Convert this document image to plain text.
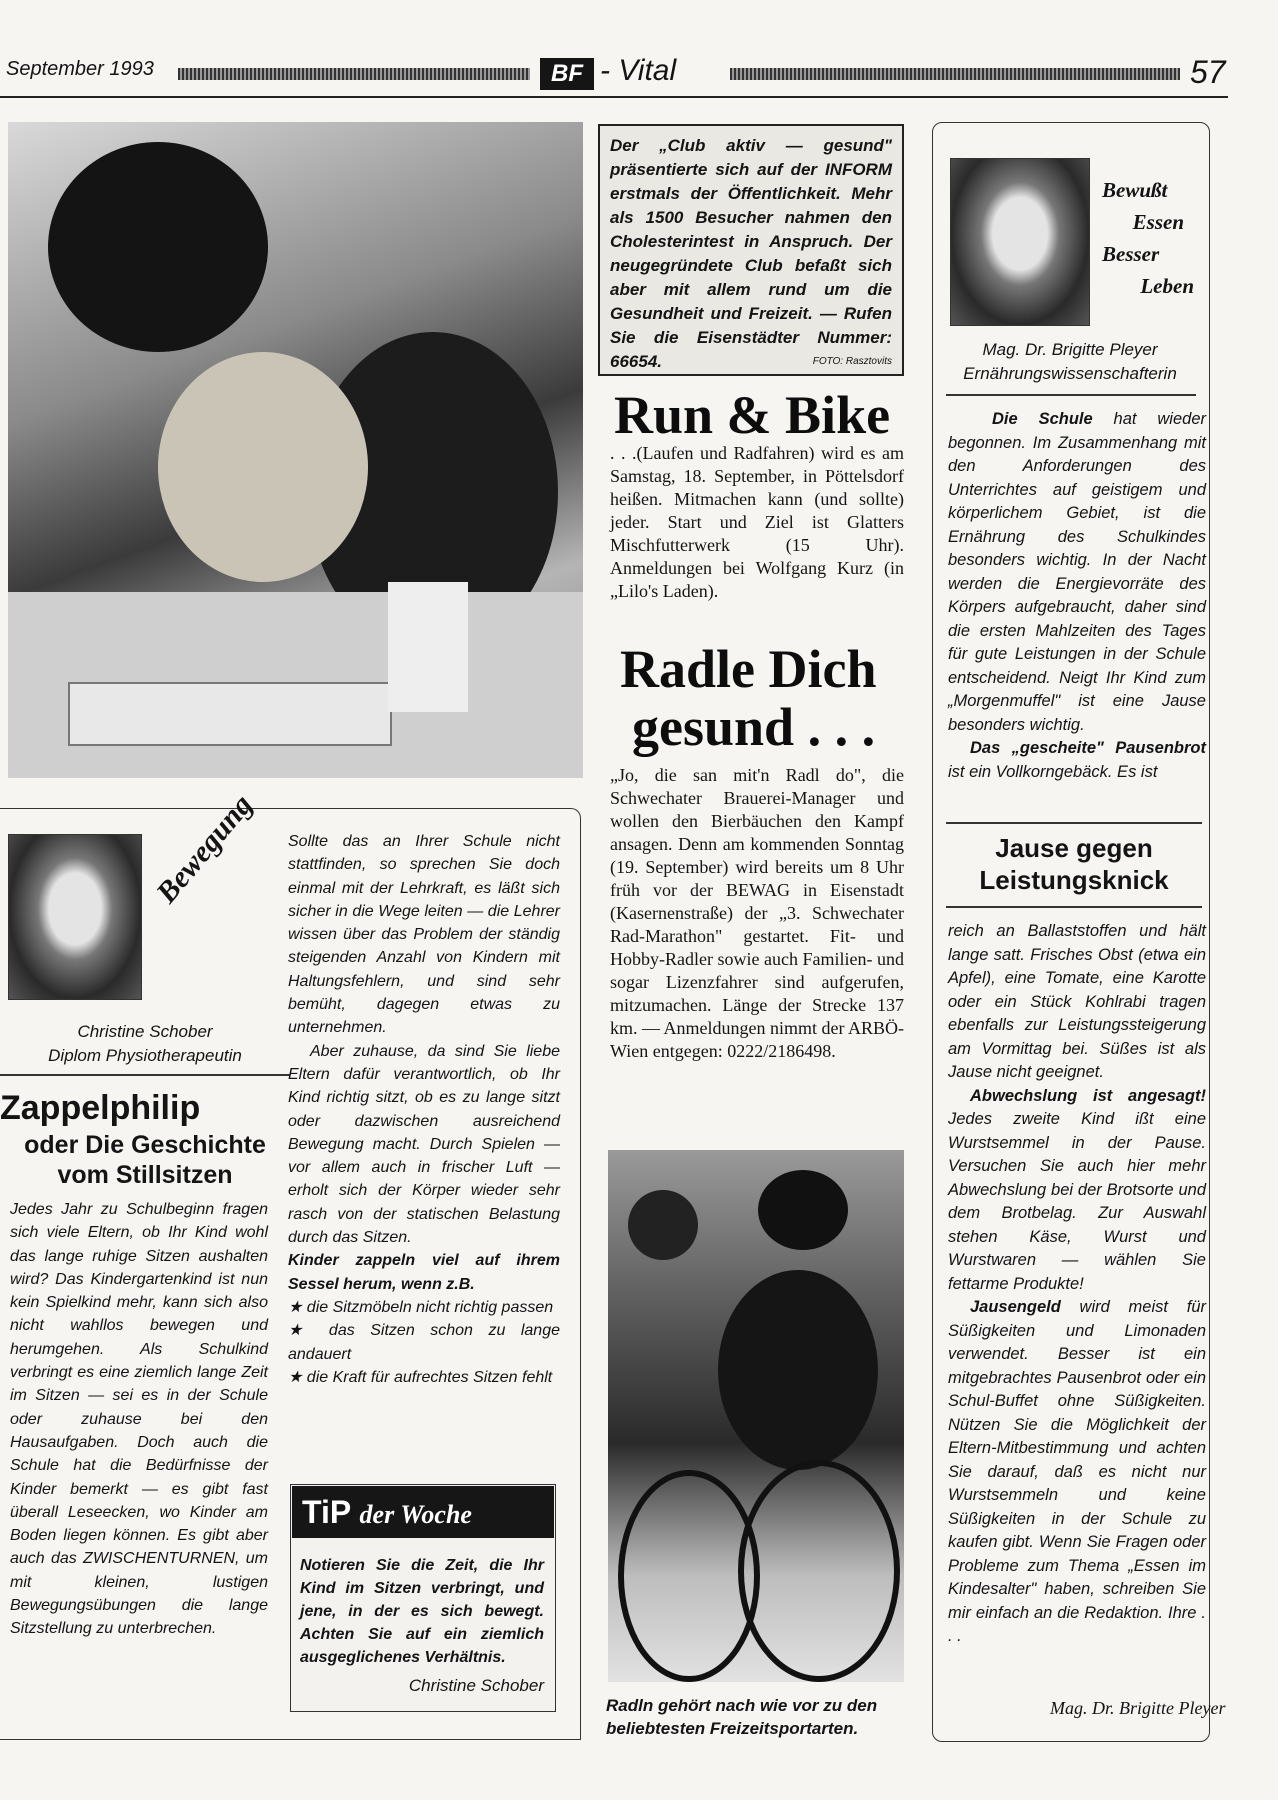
September 1993	BF - Vital	57
Der „Club aktiv — gesund" präsentierte sich auf der INFORM erstmals der Öffentlichkeit. Mehr als 1500 Besucher nahmen den Cholesterintest in Anspruch. Der neugegründete Club befaßt sich aber mit allem rund um die Gesundheit und Freizeit. — Rufen Sie die Eisenstädter Nummer: 66654.	FOTO: Rasztovits
Run & Bike
. . .(Laufen und Radfahren) wird es am Samstag, 18. September, in Pöttelsdorf heißen. Mitmachen kann (und sollte) jeder. Start und Ziel ist Glatters Mischfutterwerk (15 Uhr). Anmeldungen bei Wolfgang Kurz (in „Lilo's Laden).
Radle Dich
gesund . . .
„Jo, die san mit'n Radl do", die Schwechater Brauerei-Manager und wollen den Bierbäuchen den Kampf ansagen. Denn am kommenden Sonntag (19. September) wird bereits um 8 Uhr früh vor der BEWAG in Eisenstadt (Kasernenstraße) der „3. Schwechater Rad-Marathon" gestartet. Fit- und Hobby-Radler sowie auch Familien- und sogar Lizenzfahrer sind aufgerufen, mitzumachen. Länge der Strecke 137 km. — Anmeldungen nimmt der ARBÖ-Wien entgegen: 0222/2186498.
Radln gehört nach wie vor zu den beliebtesten Freizeitsportarten.
Bewußt
Essen
Besser
Leben
Mag. Dr. Brigitte Pleyer
Ernährungswissenschafterin
Die Schule hat wieder begonnen. Im Zusammenhang mit den Anforderungen des Unterrichtes auf geistigem und körperlichem Gebiet, ist die Ernährung des Schulkindes besonders wichtig. In der Nacht werden die Energievorräte des Körpers aufgebraucht, daher sind die ersten Mahlzeiten des Tages für gute Leistungen in der Schule entscheidend. Neigt Ihr Kind zum „Morgenmuffel" ist eine Jause besonders wichtig.
Das „gescheite" Pausenbrot ist ein Vollkorngebäck. Es ist
Jause gegen
Leistungsknick
reich an Ballaststoffen und hält lange satt. Frisches Obst (etwa ein Apfel), eine Tomate, eine Karotte oder ein Stück Kohlrabi tragen ebenfalls zur Leistungssteigerung am Vormittag bei. Süßes ist als Jause nicht geeignet.
Abwechslung ist angesagt! Jedes zweite Kind ißt eine Wurstsemmel in der Pause. Versuchen Sie auch hier mehr Abwechslung bei der Brotsorte und dem Brotbelag. Zur Auswahl stehen Käse, Wurst und Wurstwaren — wählen Sie fettarme Produkte!
Jausengeld wird meist für Süßigkeiten und Limonaden verwendet. Besser ist ein mitgebrachtes Pausenbrot oder ein Schul-Buffet ohne Süßigkeiten. Nützen Sie die Möglichkeit der Eltern-Mitbestimmung und achten Sie darauf, daß es nicht nur Wurstsemmeln und keine Süßigkeiten in der Schule zu kaufen gibt. Wenn Sie Fragen oder Probleme zum Thema „Essen im Kindesalter" haben, schreiben Sie mir einfach an die Redaktion. Ihre . . .
Mag. Dr. Brigitte Pleyer
Bewegung
Christine Schober
Diplom Physiotherapeutin
Zappelphilip
oder Die Geschichte
vom Stillsitzen
Jedes Jahr zu Schulbeginn fragen sich viele Eltern, ob Ihr Kind wohl das lange ruhige Sitzen aushalten wird? Das Kindergartenkind ist nun kein Spielkind mehr, kann sich also nicht wahllos bewegen und herumgehen. Als Schulkind verbringt es eine ziemlich lange Zeit im Sitzen — sei es in der Schule oder zuhause bei den Hausaufgaben. Doch auch die Schule hat die Bedürfnisse der Kinder bemerkt — es gibt fast überall Leseecken, wo Kinder am Boden liegen können. Es gibt aber auch das ZWISCHENTURNEN, um mit kleinen, lustigen Bewegungsübungen die lange Sitzstellung zu unterbrechen.
Sollte das an Ihrer Schule nicht stattfinden, so sprechen Sie doch einmal mit der Lehrkraft, es läßt sich sicher in die Wege leiten — die Lehrer wissen über das Problem der ständig steigenden Anzahl von Kindern mit Haltungsfehlern, und sind sehr bemüht, dagegen etwas zu unternehmen.
Aber zuhause, da sind Sie liebe Eltern dafür verantwortlich, ob Ihr Kind richtig sitzt, ob es zu lange sitzt oder dazwischen ausreichend Bewegung macht. Durch Spielen — vor allem auch in frischer Luft — erholt sich der Körper wieder sehr rasch von der statischen Belastung durch das Sitzen.
Kinder zappeln viel auf ihrem Sessel herum, wenn z.B.
★ die Sitzmöbeln nicht richtig passen
★ das Sitzen schon zu lange andauert
★ die Kraft für aufrechtes Sitzen fehlt
TiP der Woche
Notieren Sie die Zeit, die Ihr Kind im Sitzen verbringt, und jene, in der es sich bewegt. Achten Sie auf ein ziemlich ausgeglichenes Verhältnis.
Christine Schober
